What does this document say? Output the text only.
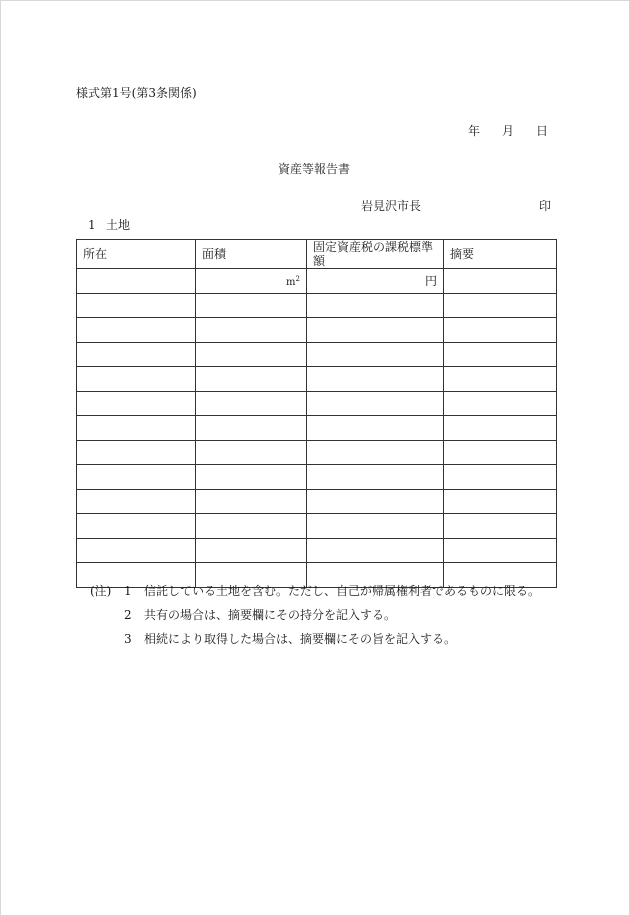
様式第1号(第3条関係)
年 月 日
資産等報告書
岩見沢市長	印
1 土地
所在	面積	固定資産税の課税標準額	摘要
	$m^2$	円	

(注) 1 信託している土地を含む。ただし、自己が帰属権利者であるものに限る。
2 共有の場合は、摘要欄にその持分を記入する。
3 相続により取得した場合は、摘要欄にその旨を記入する。
